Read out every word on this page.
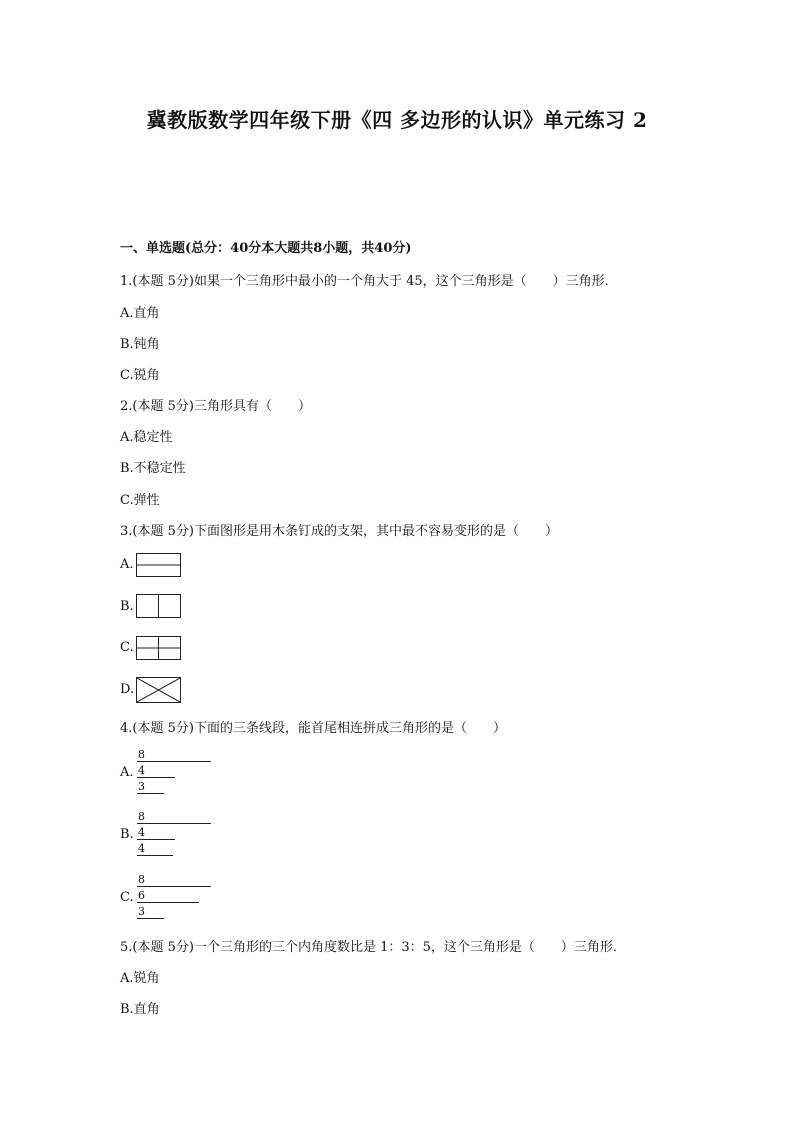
冀教版数学四年级下册《四 多边形的认识》单元练习 2
一、单选题(总分：40分本大题共8小题，共40分)
1.(本题 5分)如果一个三角形中最小的一个角大于 45，这个三角形是（　　）三角形．
A.直角
B.钝角
C.锐角
2.(本题 5分)三角形具有（　　）
A.稳定性
B.不稳定性
C.弹性
3.(本题 5分)下面图形是用木条钉成的支架，其中最不容易变形的是（　　）
A.
B.
C.
D.
4.(本题 5分)下面的三条线段，能首尾相连拼成三角形的是（　　）
A.
8
4
3
B.
8
4
4
C.
8
6
3
5.(本题 5分)一个三角形的三个内角度数比是 1：3：5，这个三角形是（　　）三角形．
A.锐角
B.直角
